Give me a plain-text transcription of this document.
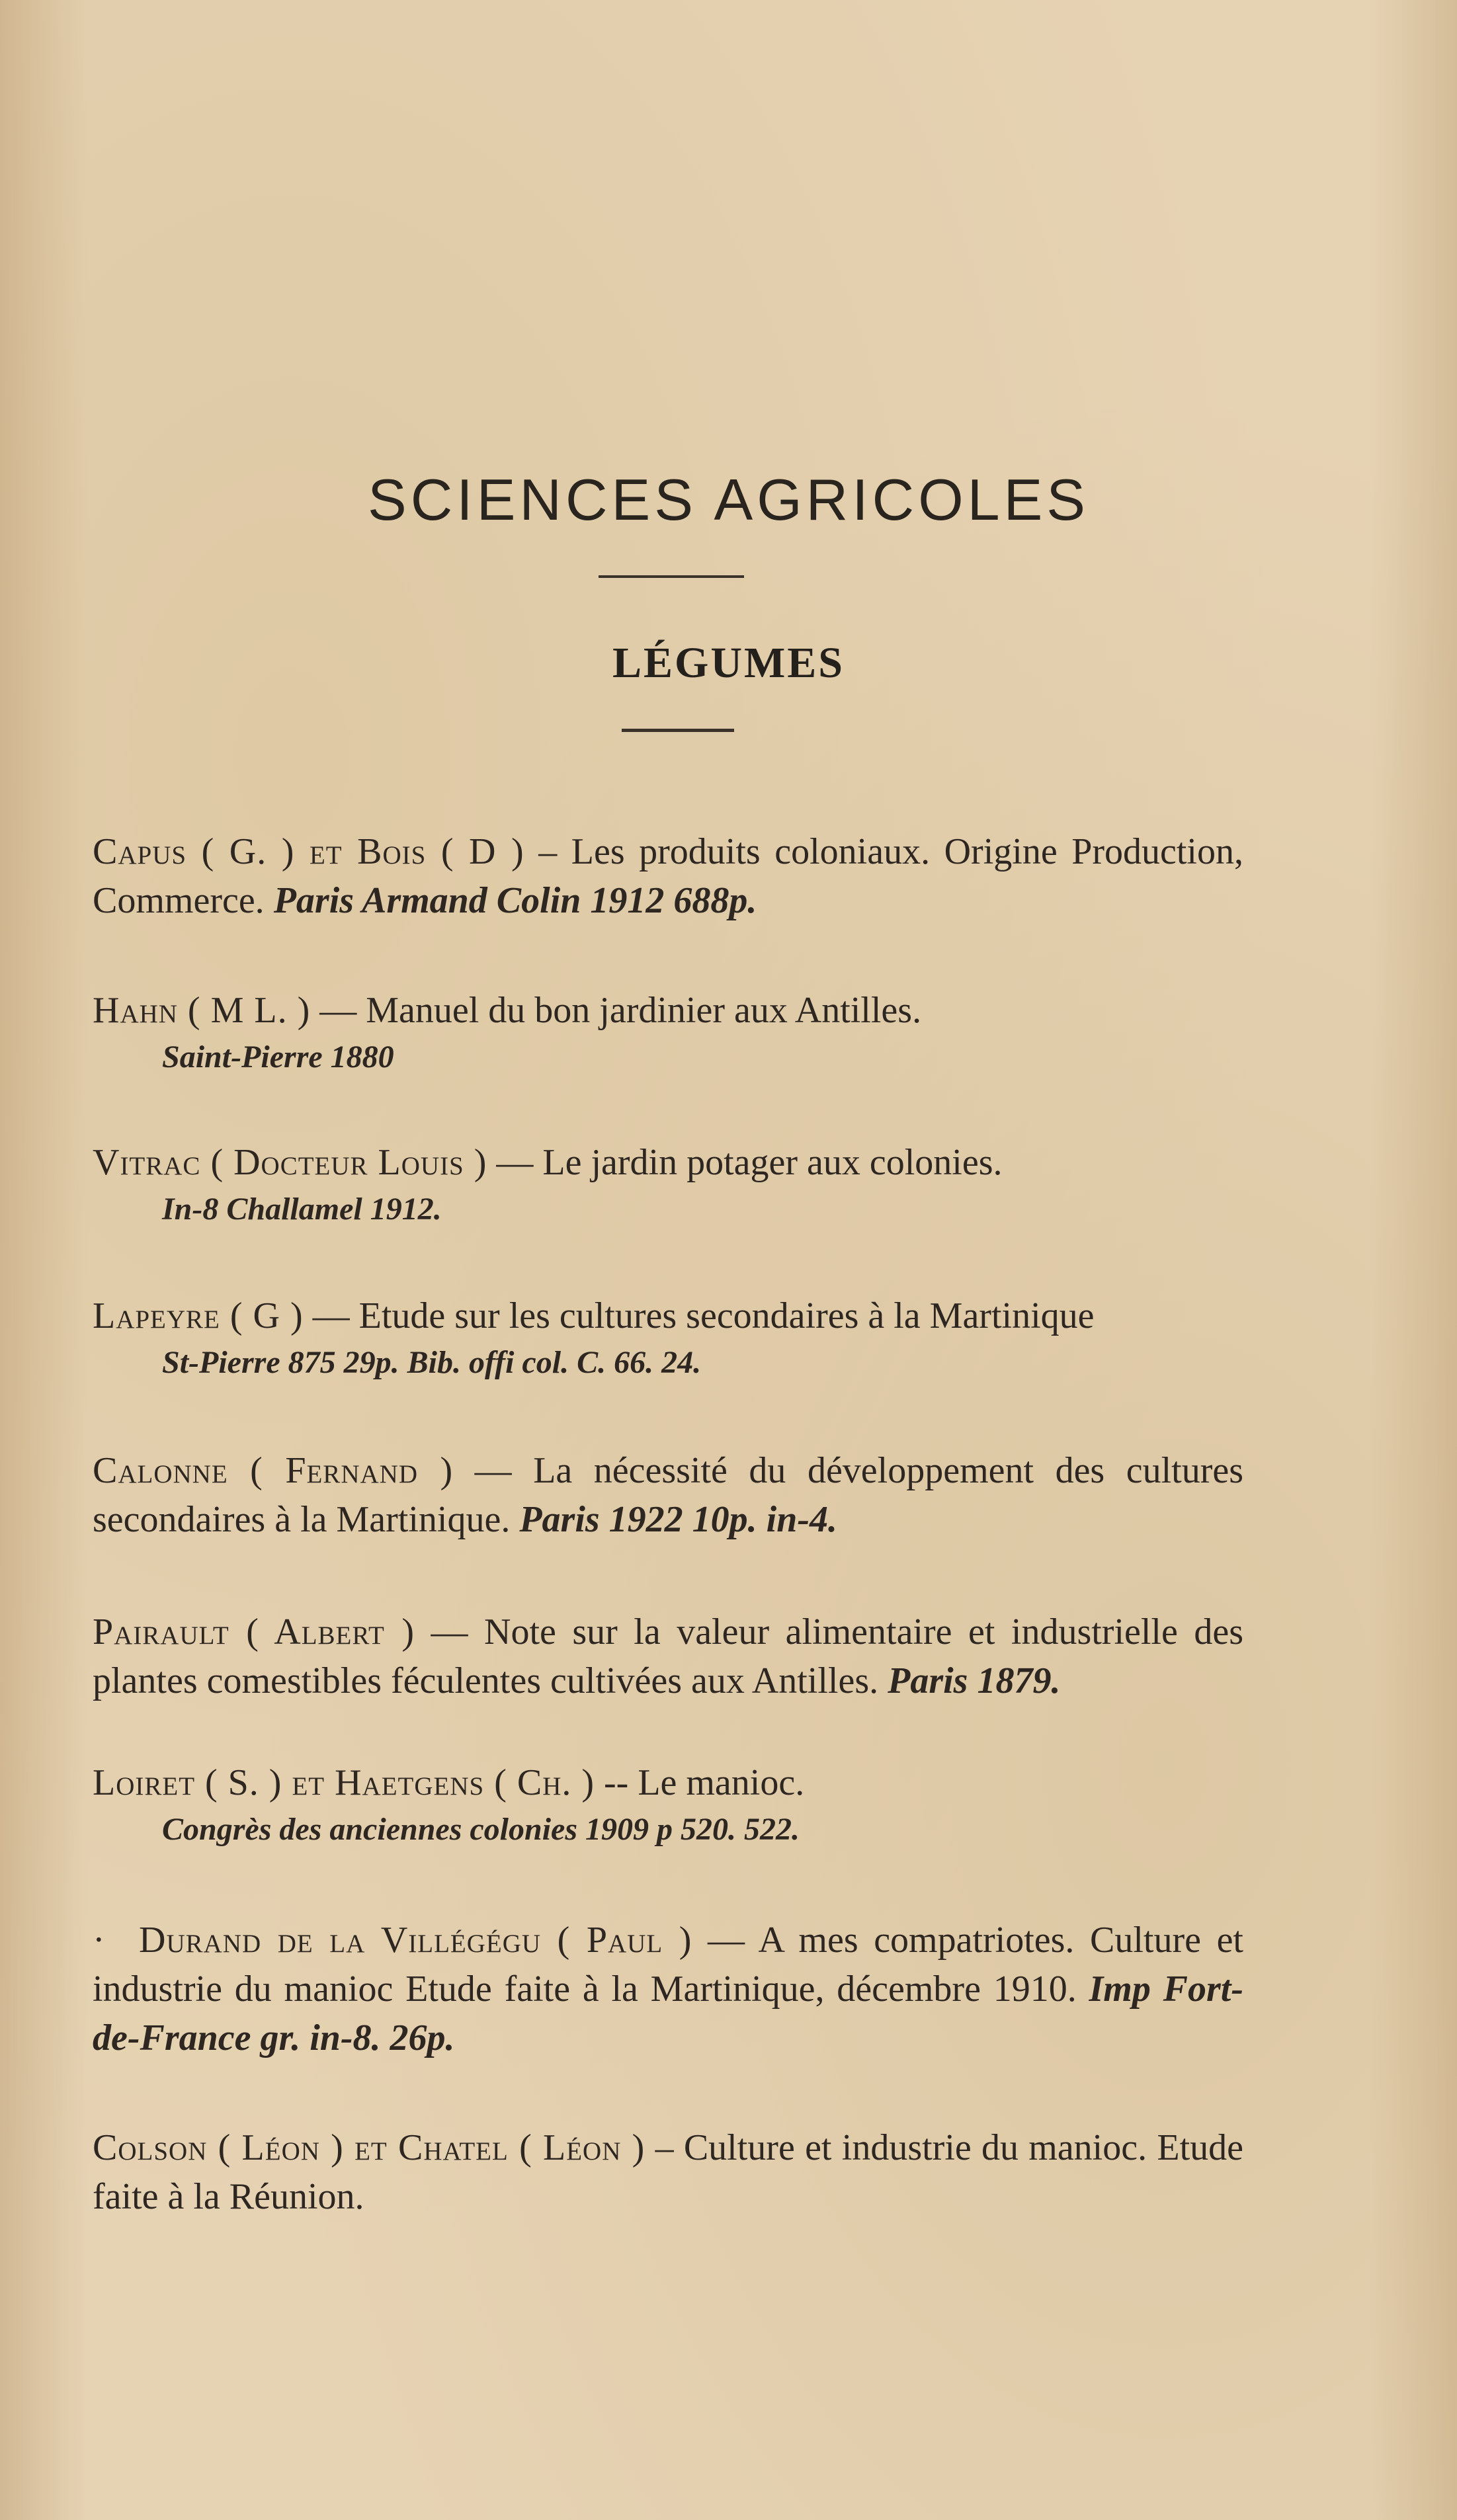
SCIENCES AGRICOLES
LÉGUMES

Capus ( G. ) et Bois ( D ) – Les produits coloniaux. Origine Production, Commerce. Paris Armand Colin 1912 688p.

Hahn ( M L. ) — Manuel du bon jardinier aux Antilles.
Saint-Pierre 1880

Vitrac ( Docteur Louis ) — Le jardin potager aux colonies.
In-8 Challamel 1912.

Lapeyre ( G ) — Etude sur les cultures secondaires à la Martinique
St-Pierre 875 29p. Bib. offi col. C. 66. 24.

Calonne ( Fernand ) — La nécessité du développement des cultures secondaires à la Martinique. Paris 1922 10p. in-4.

Pairault ( Albert ) — Note sur la valeur alimentaire et industrielle des plantes comestibles féculentes cultivées aux Antilles. Paris 1879.

Loiret ( S. ) et Haetgens ( Ch. ) -- Le manioc.
Congrès des anciennes colonies 1909 p 520. 522.

· Durand de la Villégégu ( Paul ) — A mes compatriotes. Culture et industrie du manioc Etude faite à la Martinique, décembre 1910. Imp Fort-de-France gr. in-8. 26p.

Colson ( Léon ) et Chatel ( Léon ) – Culture et industrie du manioc. Etude faite à la Réunion.
